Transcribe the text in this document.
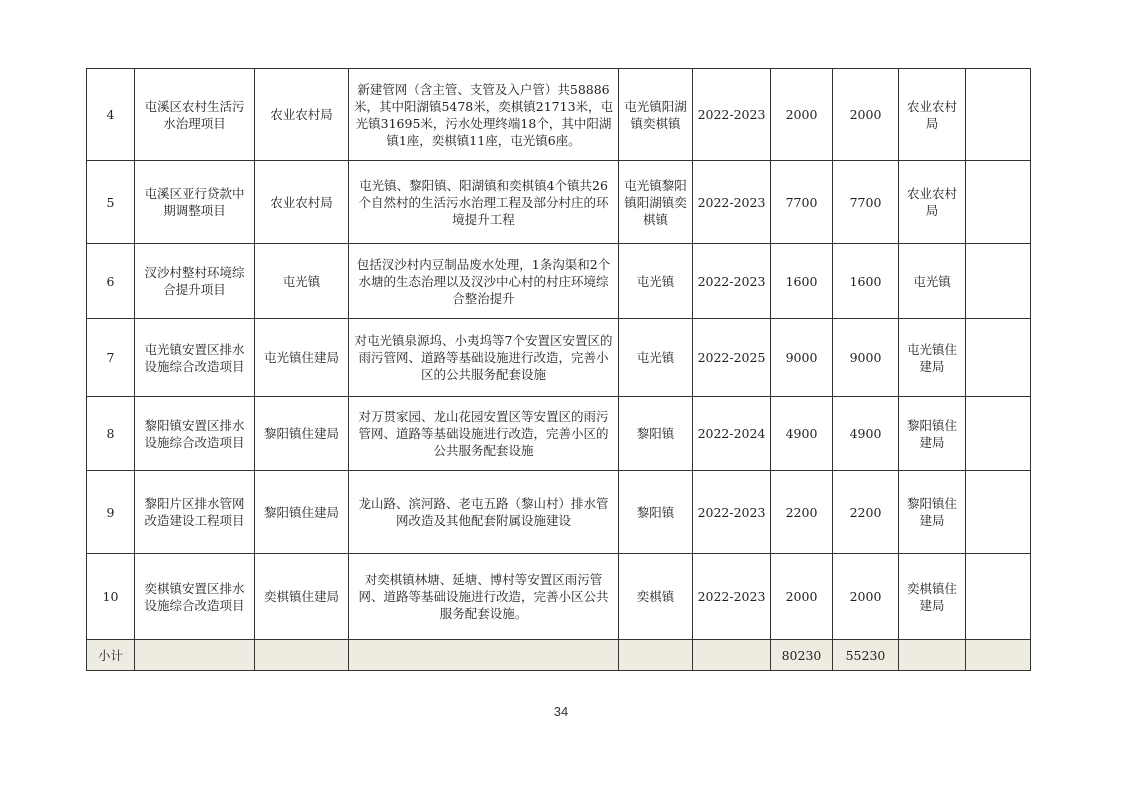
4	屯溪区农村生活污水治理项目	农业农村局	新建管网（含主管、支管及入户管）共58886米，其中阳湖镇5478米，奕棋镇21713米，屯光镇31695米，污水处理终端18个，其中阳湖镇1座，奕棋镇11座，屯光镇6座。	屯光镇阳湖镇奕棋镇	2022-2023	2000	2000	农业农村局	
5	屯溪区亚行贷款中期调整项目	农业农村局	屯光镇、黎阳镇、阳湖镇和奕棋镇4个镇共26个自然村的生活污水治理工程及部分村庄的环境提升工程	屯光镇黎阳镇阳湖镇奕棋镇	2022-2023	7700	7700	农业农村局	
6	汊沙村整村环境综合提升项目	屯光镇	包括汊沙村内豆制品废水处理，1条沟渠和2个水塘的生态治理以及汊沙中心村的村庄环境综合整治提升	屯光镇	2022-2023	1600	1600	屯光镇	
7	屯光镇安置区排水设施综合改造项目	屯光镇住建局	对屯光镇泉源坞、小夷坞等7个安置区安置区的雨污管网、道路等基础设施进行改造，完善小区的公共服务配套设施	屯光镇	2022-2025	9000	9000	屯光镇住建局	
8	黎阳镇安置区排水设施综合改造项目	黎阳镇住建局	对万贯家园、龙山花园安置区等安置区的雨污管网、道路等基础设施进行改造，完善小区的公共服务配套设施	黎阳镇	2022-2024	4900	4900	黎阳镇住建局	
9	黎阳片区排水管网改造建设工程项目	黎阳镇住建局	龙山路、滨河路、老屯五路（黎山村）排水管网改造及其他配套附属设施建设	黎阳镇	2022-2023	2200	2200	黎阳镇住建局	
10	奕棋镇安置区排水设施综合改造项目	奕棋镇住建局	对奕棋镇林塘、延塘、博村等安置区雨污管网、道路等基础设施进行改造，完善小区公共服务配套设施。	奕棋镇	2022-2023	2000	2000	奕棋镇住建局	
小计						80230	55230		
34
